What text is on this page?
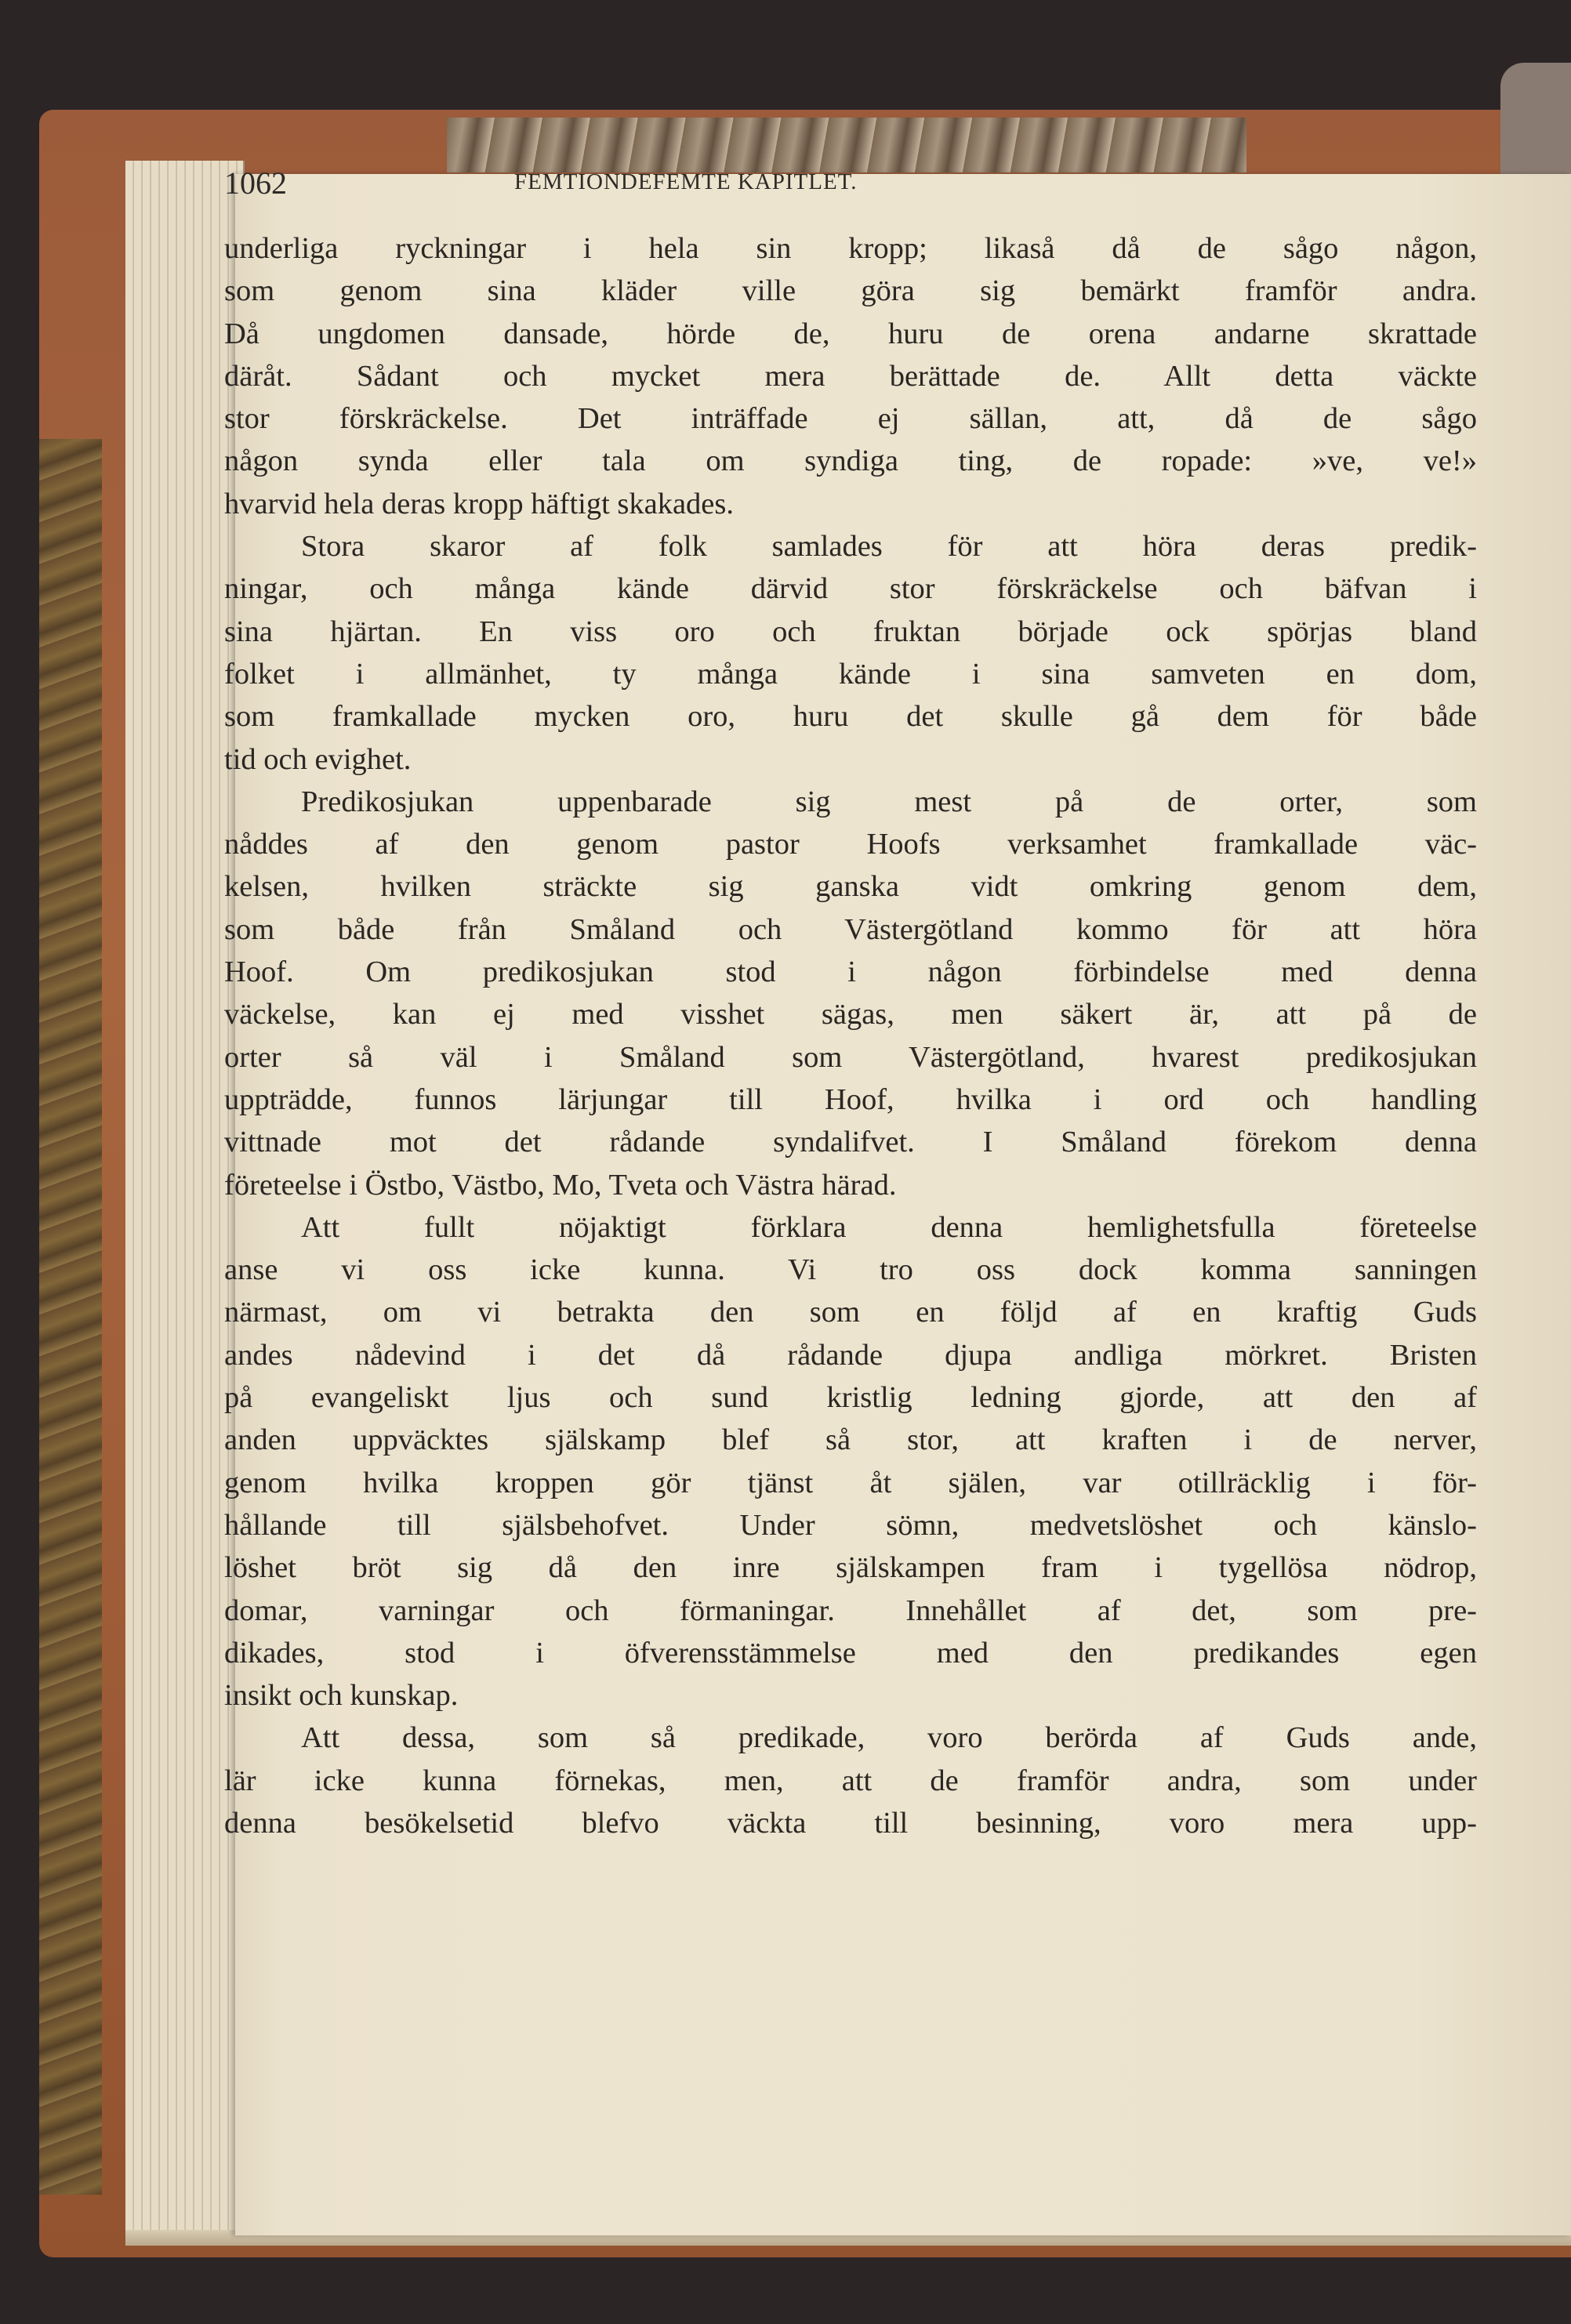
1062	FEMTIONDEFEMTE KAPITLET.
underliga ryckningar i hela sin kropp; likaså då de sågo någon,
som genom sina kläder ville göra sig bemärkt framför andra.
Då ungdomen dansade, hörde de, huru de orena andarne skrattade
däråt. Sådant och mycket mera berättade de. Allt detta väckte
stor förskräckelse. Det inträffade ej sällan, att, då de sågo
någon synda eller tala om syndiga ting, de ropade: »ve, ve!»
hvarvid hela deras kropp häftigt skakades.
Stora skaror af folk samlades för att höra deras predik-
ningar, och många kände därvid stor förskräckelse och bäfvan i
sina hjärtan. En viss oro och fruktan började ock spörjas bland
folket i allmänhet, ty många kände i sina samveten en dom,
som framkallade mycken oro, huru det skulle gå dem för både
tid och evighet.
Predikosjukan uppenbarade sig mest på de orter, som
nåddes af den genom pastor Hoofs verksamhet framkallade väc-
kelsen, hvilken sträckte sig ganska vidt omkring genom dem,
som både från Småland och Västergötland kommo för att höra
Hoof. Om predikosjukan stod i någon förbindelse med denna
väckelse, kan ej med visshet sägas, men säkert är, att på de
orter så väl i Småland som Västergötland, hvarest predikosjukan
uppträdde, funnos lärjungar till Hoof, hvilka i ord och handling
vittnade mot det rådande syndalifvet. I Småland förekom denna
företeelse i Östbo, Västbo, Mo, Tveta och Västra härad.
Att fullt nöjaktigt förklara denna hemlighetsfulla företeelse
anse vi oss icke kunna. Vi tro oss dock komma sanningen
närmast, om vi betrakta den som en följd af en kraftig Guds
andes nådevind i det då rådande djupa andliga mörkret. Bristen
på evangeliskt ljus och sund kristlig ledning gjorde, att den af
anden uppväcktes själskamp blef så stor, att kraften i de nerver,
genom hvilka kroppen gör tjänst åt själen, var otillräcklig i för-
hållande till själsbehofvet. Under sömn, medvetslöshet och känslo-
löshet bröt sig då den inre själskampen fram i tygellösa nödrop,
domar, varningar och förmaningar. Innehållet af det, som pre-
dikades, stod i öfverensstämmelse med den predikandes egen
insikt och kunskap.
Att dessa, som så predikade, voro berörda af Guds ande,
lär icke kunna förnekas, men, att de framför andra, som under
denna besökelsetid blefvo väckta till besinning, voro mera upp-
